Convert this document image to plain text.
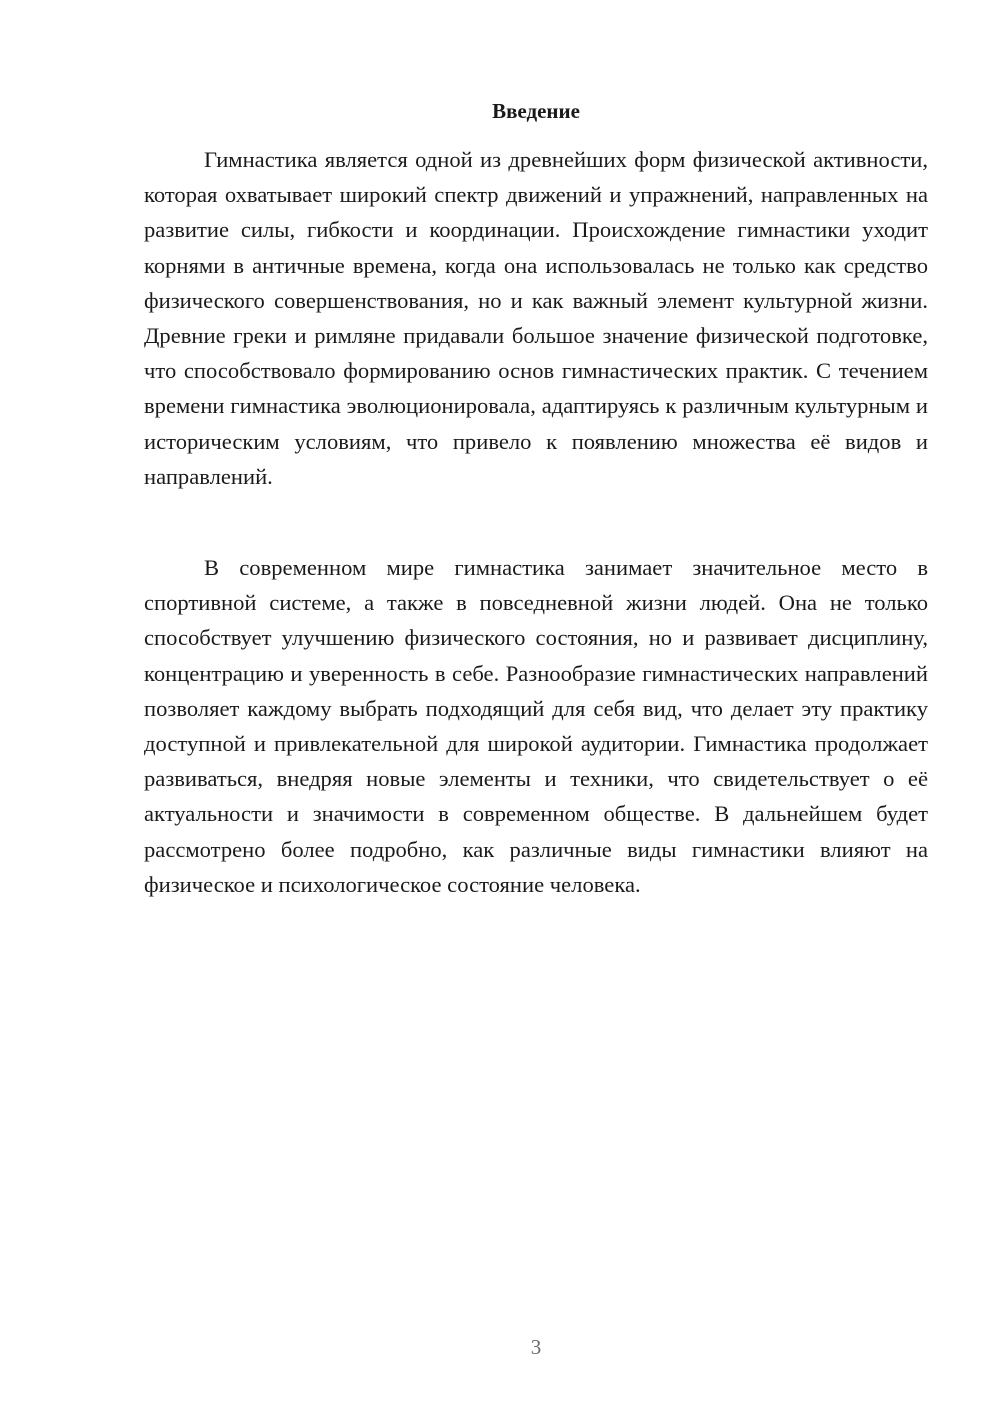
Введение

Гимнастика является одной из древнейших форм физической активности, которая охватывает широкий спектр движений и упражнений, направленных на развитие силы, гибкости и координации. Происхождение гимнастики уходит корнями в античные времена, когда она использовалась не только как средство физического совершенствования, но и как важный элемент культурной жизни. Древние греки и римляне придавали большое значение физической подготовке, что способствовало формированию основ гимнастических практик. С течением времени гимнастика эволюционировала, адаптируясь к различным культурным и историческим условиям, что привело к появлению множества её видов и направлений.

В современном мире гимнастика занимает значительное место в спортивной системе, а также в повседневной жизни людей. Она не только способствует улучшению физического состояния, но и развивает дисциплину, концентрацию и уверенность в себе. Разнообразие гимнастических направлений позволяет каждому выбрать подходящий для себя вид, что делает эту практику доступной и привлекательной для широкой аудитории. Гимнастика продолжает развиваться, внедряя новые элементы и техники, что свидетельствует о её актуальности и значимости в современном обществе. В дальнейшем будет рассмотрено более подробно, как различные виды гимнастики влияют на физическое и психологическое состояние человека.

3
